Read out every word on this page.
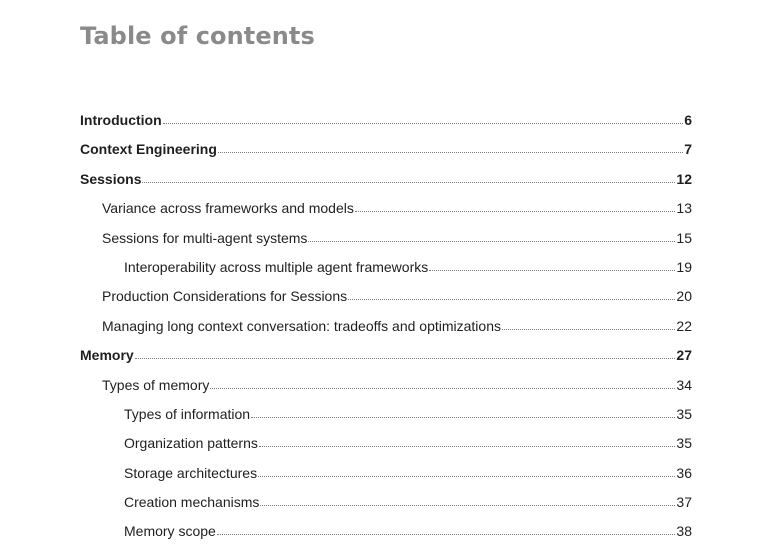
Table of contents
Introduction	6
Context Engineering	7
Sessions	12
Variance across frameworks and models	13
Sessions for multi-agent systems	15
Interoperability across multiple agent frameworks	19
Production Considerations for Sessions	20
Managing long context conversation: tradeoffs and optimizations	22
Memory	27
Types of memory	34
Types of information	35
Organization patterns	35
Storage architectures	36
Creation mechanisms	37
Memory scope	38
